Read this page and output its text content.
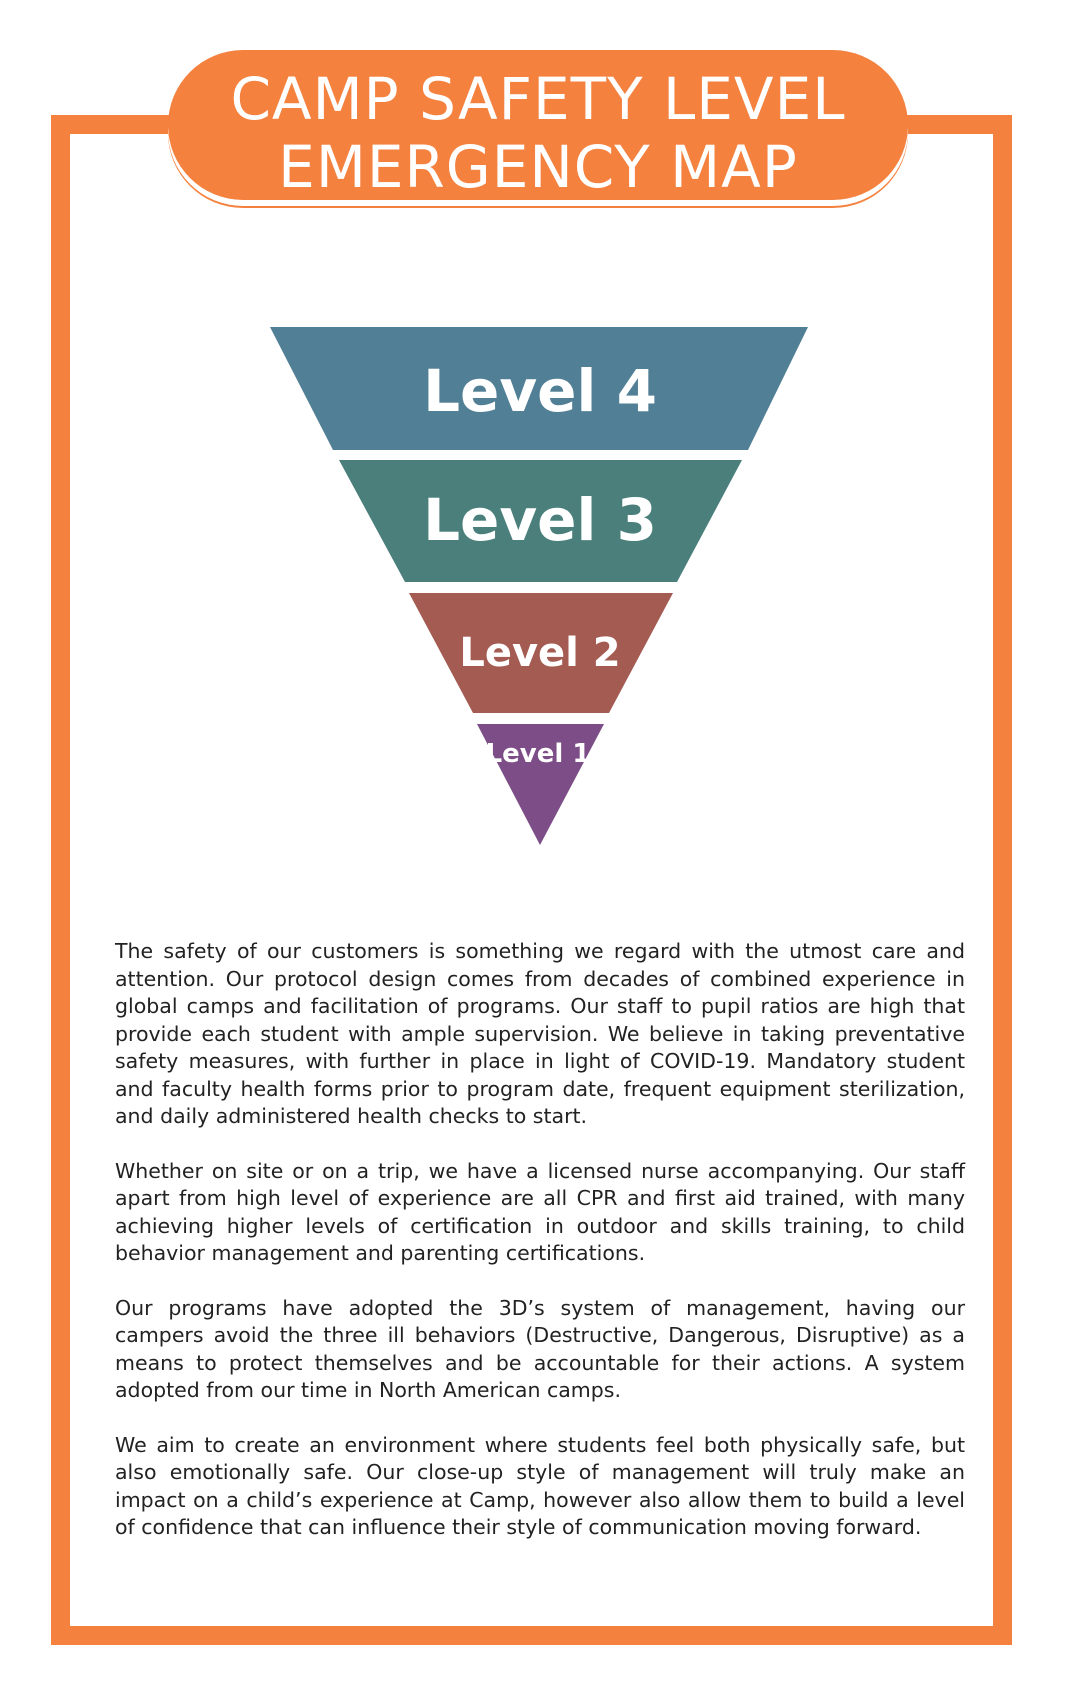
CAMP SAFETY LEVEL
EMERGENCY MAP
Level 4
Level 3
Level 2
Level 1

The safety of our customers is something we regard with the utmost care and attention. Our protocol design comes from decades of combined experience in global camps and facilitation of programs. Our staff to pupil ratios are high that provide each student with ample supervision. We believe in taking preventative safety measures, with further in place in light of COVID-19. Mandatory student and faculty health forms prior to program date, frequent equipment sterilization, and daily administered health checks to start.

Whether on site or on a trip, we have a licensed nurse accompanying. Our staff apart from high level of experience are all CPR and first aid trained, with many achieving higher levels of certification in outdoor and skills training, to child behavior management and parenting certifications.

Our programs have adopted the 3D’s system of management, having our campers avoid the three ill behaviors (Destructive, Dangerous, Disruptive) as a means to protect themselves and be accountable for their actions. A system adopted from our time in North American camps.

We aim to create an environment where students feel both physically safe, but also emotionally safe. Our close-up style of management will truly make an impact on a child’s experience at Camp, however also allow them to build a level of confidence that can influence their style of communication moving forward.
